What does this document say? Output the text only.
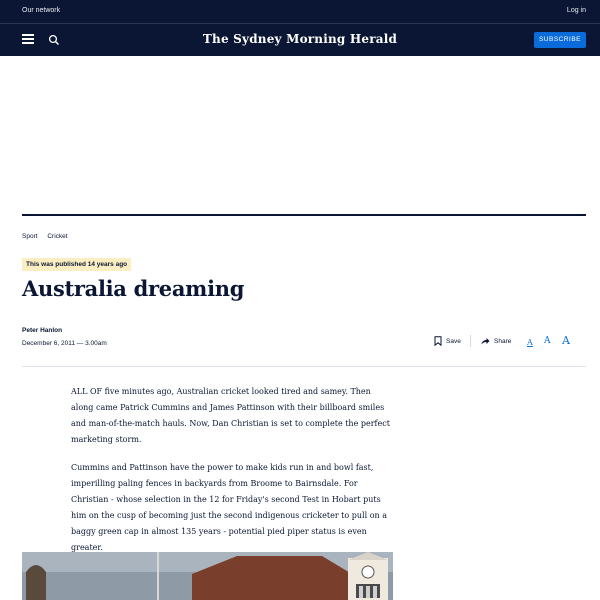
Our network	Log in
The Sydney Morning Herald	SUBSCRIBE
Sport Cricket
This was published 14 years ago
Australia dreaming
Peter Hanlon
December 6, 2011 — 3.00am	Save	Share A A A

ALL OF five minutes ago, Australian cricket looked tired and samey. Then along came Patrick Cummins and James Pattinson with their billboard smiles and man-of-the-match hauls. Now, Dan Christian is set to complete the perfect marketing storm.

Cummins and Pattinson have the power to make kids run in and bowl fast, imperilling paling fences in backyards from Broome to Bairnsdale. For Christian - whose selection in the 12 for Friday's second Test in Hobart puts him on the cusp of becoming just the second indigenous cricketer to pull on a baggy green cap in almost 135 years - potential pied piper status is even greater.
